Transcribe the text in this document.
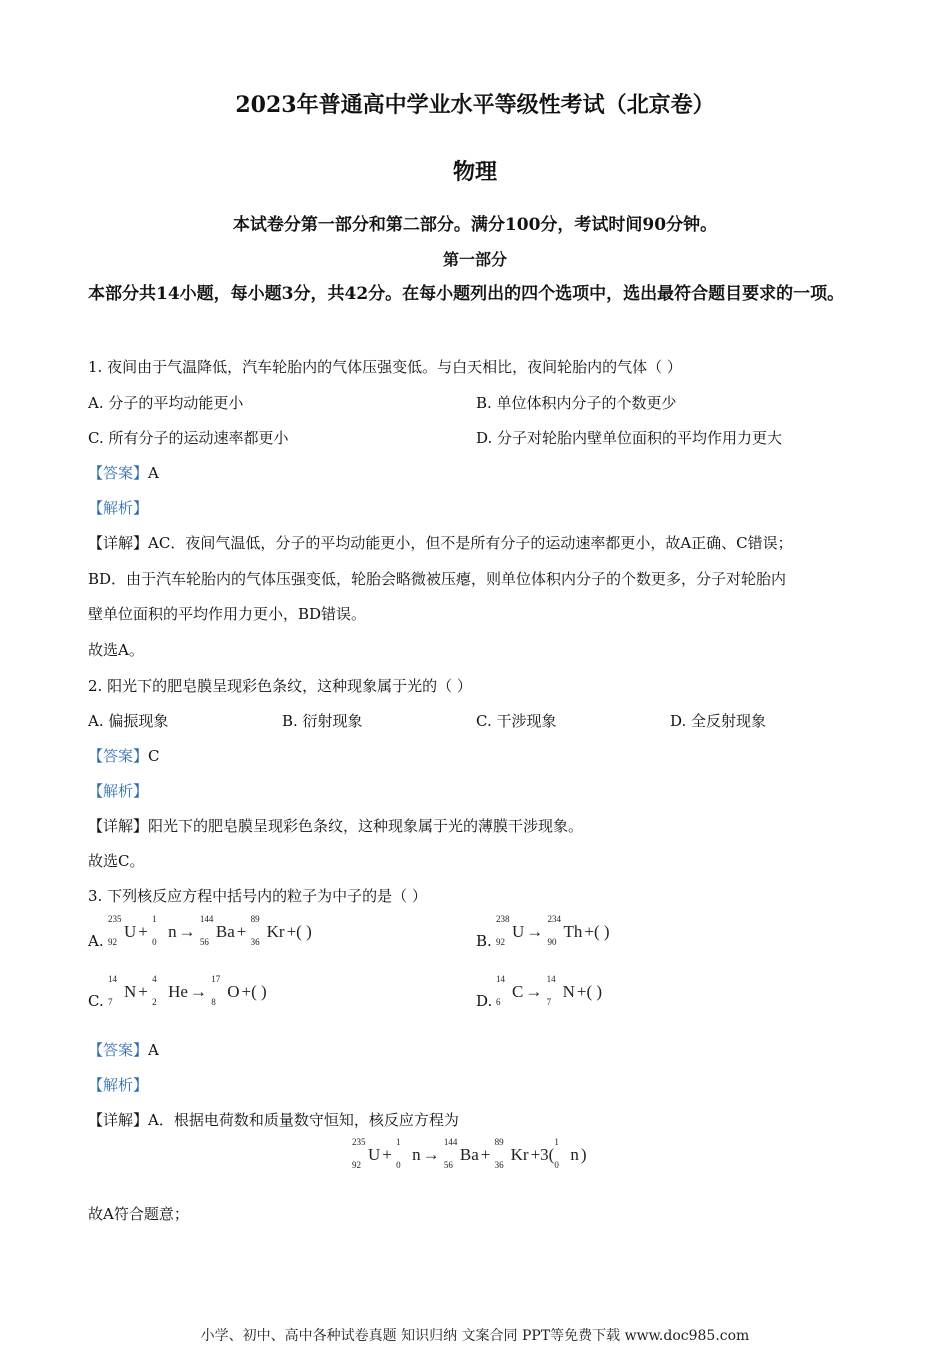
2023年普通高中学业水平等级性考试（北京卷）
物理
本试卷分第一部分和第二部分。满分100分，考试时间90分钟。
第一部分
本部分共14小题，每小题3分，共42分。在每小题列出的四个选项中，选出最符合题目要求的一项。
1. 夜间由于气温降低，汽车轮胎内的气体压强变低。与白天相比，夜间轮胎内的气体（ ）
A. 分子的平均动能更小	B. 单位体积内分子的个数更少
C. 所有分子的运动速率都更小	D. 分子对轮胎内壁单位面积的平均作用力更大
【答案】A
【解析】
【详解】AC．夜间气温低，分子的平均动能更小，但不是所有分子的运动速率都更小，故A正确、C错误；
BD．由于汽车轮胎内的气体压强变低，轮胎会略微被压瘪，则单位体积内分子的个数更多，分子对轮胎内
壁单位面积的平均作用力更小，BD错误。
故选A。
2. 阳光下的肥皂膜呈现彩色条纹，这种现象属于光的（ ）
A. 偏振现象	B. 衍射现象	C. 干涉现象	D. 全反射现象
【答案】C
【解析】
【详解】阳光下的肥皂膜呈现彩色条纹，这种现象属于光的薄膜干涉现象。
故选C。
3. 下列核反应方程中括号内的粒子为中子的是（ ）
A.
235
92
U +
1
0
n →
144
56
Ba +
89
36
Kr +( )	B.
238
92
U →
234
90
Th +( )
C.
14
7
N +
4
2
He →
17
8
O +( )	D.
14
6
C →
14
7
N +( )
【答案】A
【解析】
【详解】A．根据电荷数和质量数守恒知，核反应方程为
235
92
U +
1
0
n →
144
56
Ba +
89
36
Kr +3(
1
0
n )
故A符合题意；
小学、初中、高中各种试卷真题 知识归纳 文案合同 PPT等免费下载 www.doc985.com
